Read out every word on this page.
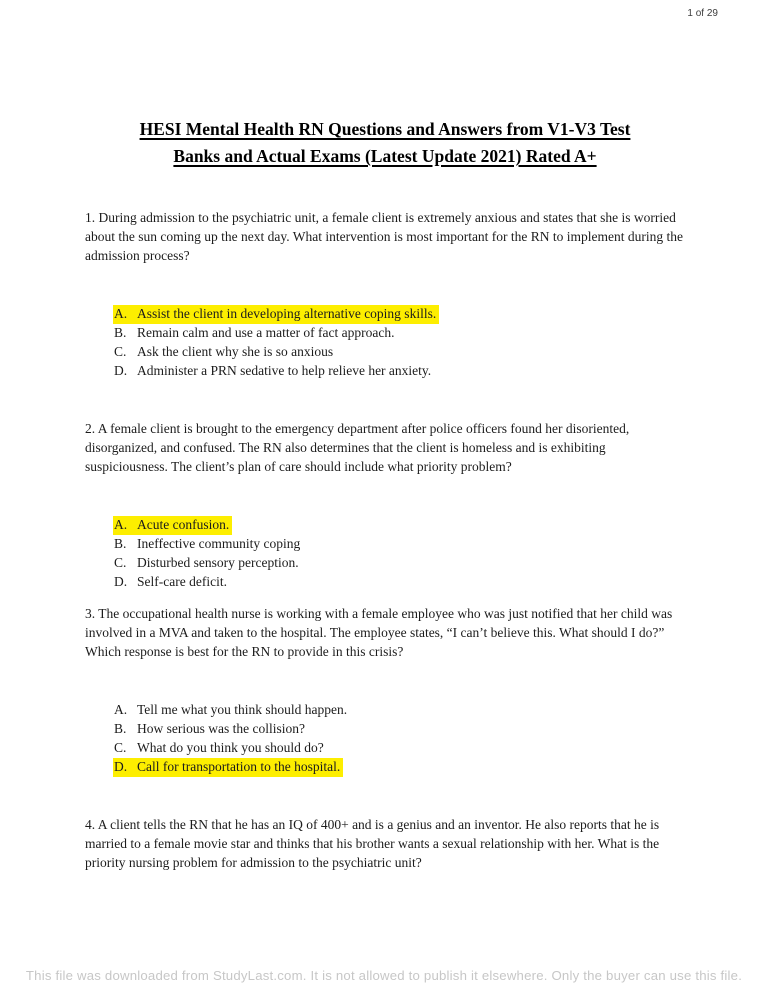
1 of 29
HESI Mental Health RN Questions and Answers from V1-V3 Test
Banks and Actual Exams (Latest Update 2021) Rated A+
1. During admission to the psychiatric unit, a female client is extremely anxious and states that she is worried about the sun coming up the next day. What intervention is most important for the RN to implement during the admission process?
A. Assist the client in developing alternative coping skills.
B. Remain calm and use a matter of fact approach.
C. Ask the client why she is so anxious
D. Administer a PRN sedative to help relieve her anxiety.
2. A female client is brought to the emergency department after police officers found her disoriented, disorganized, and confused. The RN also determines that the client is homeless and is exhibiting suspiciousness. The client’s plan of care should include what priority problem?
A. Acute confusion.
B. Ineffective community coping
C. Disturbed sensory perception.
D. Self-care deficit.
3. The occupational health nurse is working with a female employee who was just notified that her child was involved in a MVA and taken to the hospital. The employee states, “I can’t believe this. What should I do?” Which response is best for the RN to provide in this crisis?
A. Tell me what you think should happen.
B. How serious was the collision?
C. What do you think you should do?
D. Call for transportation to the hospital.
4. A client tells the RN that he has an IQ of 400+ and is a genius and an inventor. He also reports that he is married to a female movie star and thinks that his brother wants a sexual relationship with her. What is the priority nursing problem for admission to the psychiatric unit?
This file was downloaded from StudyLast.com. It is not allowed to publish it elsewhere. Only the buyer can use this file.
